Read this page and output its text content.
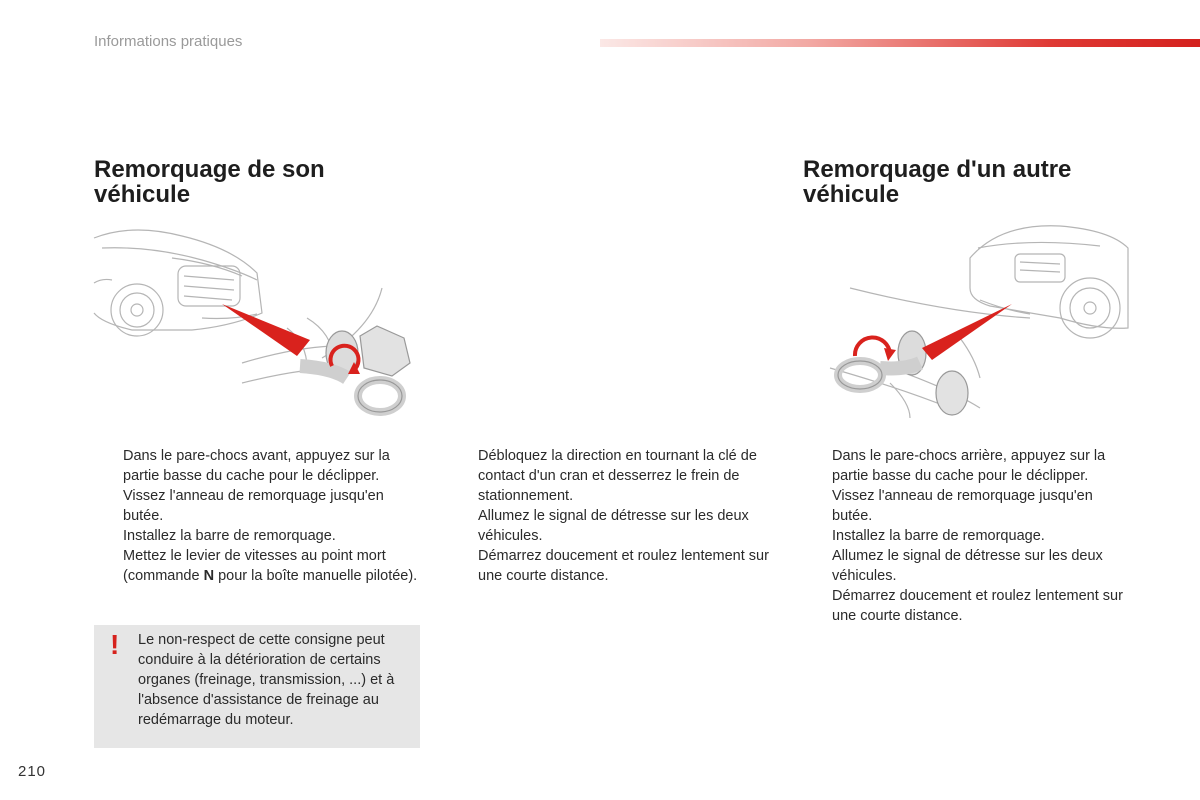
Informations pratiques
Remorquage de son véhicule
Remorquage d'un autre véhicule
Dans le pare-chocs avant, appuyez sur la partie basse du cache pour le déclipper.
Vissez l'anneau de remorquage jusqu'en butée.
Installez la barre de remorquage.
Mettez le levier de vitesses au point mort
(commande N pour la boîte manuelle pilotée).
Débloquez la direction en tournant la clé de contact d'un cran et desserrez le frein de stationnement.
Allumez le signal de détresse sur les deux véhicules.
Démarrez doucement et roulez lentement sur une courte distance.
Dans le pare-chocs arrière, appuyez sur la partie basse du cache pour le déclipper.
Vissez l'anneau de remorquage jusqu'en butée.
Installez la barre de remorquage.
Allumez le signal de détresse sur les deux véhicules.
Démarrez doucement et roulez lentement sur une courte distance.
! Le non-respect de cette consigne peut conduire à la détérioration de certains organes (freinage, transmission, ...) et à l'absence d'assistance de freinage au redémarrage du moteur.
210
